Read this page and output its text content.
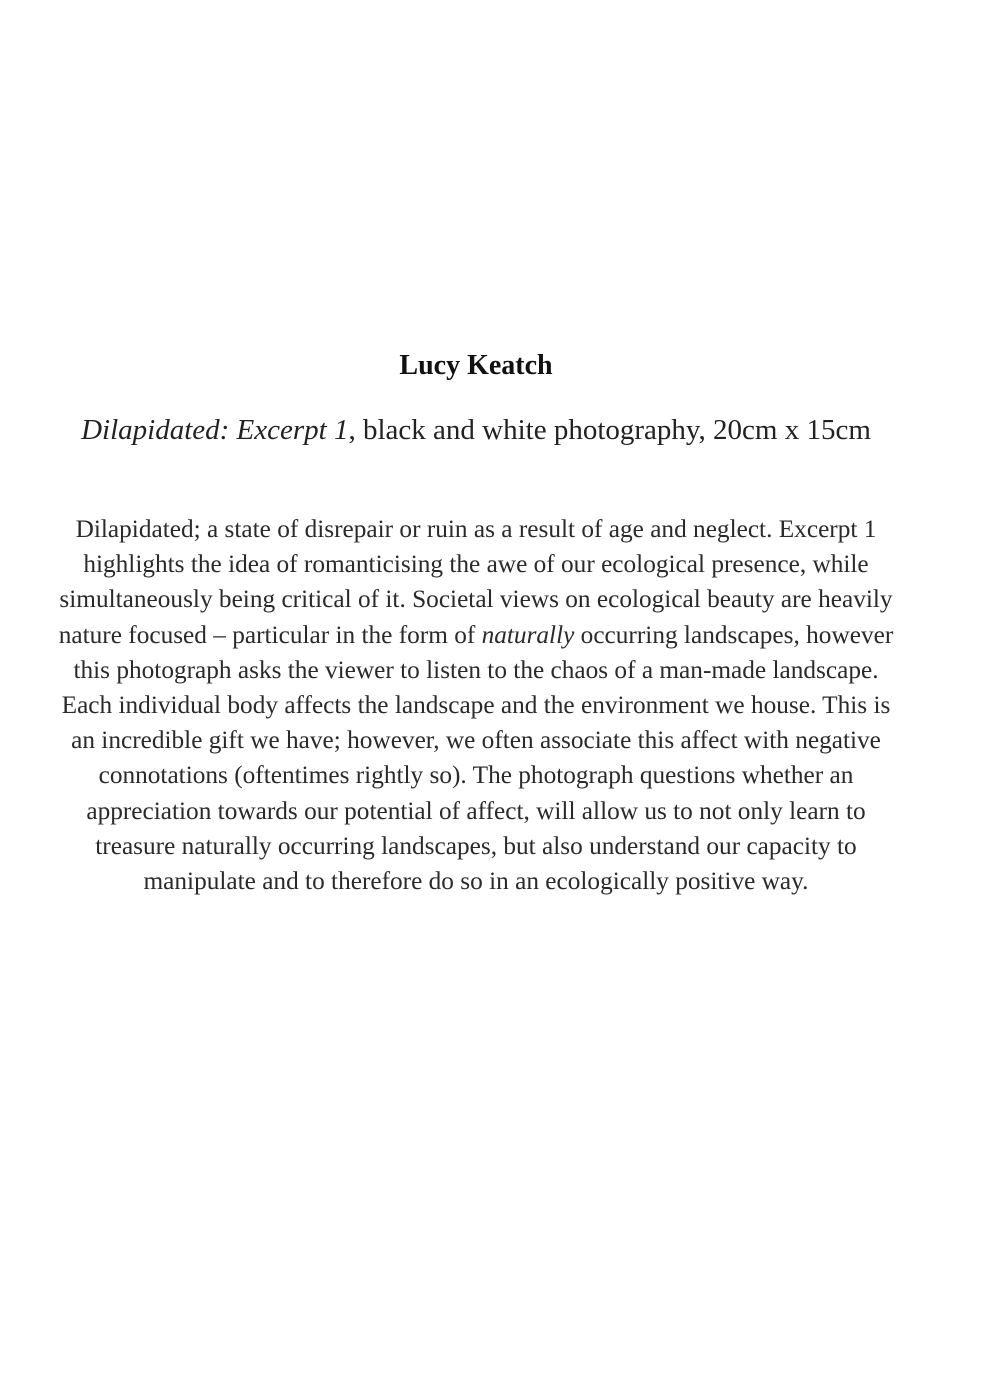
Lucy Keatch

Dilapidated: Excerpt 1, black and white photography, 20cm x 15cm

Dilapidated; a state of disrepair or ruin as a result of age and neglect. Excerpt 1 highlights the idea of romanticising the awe of our ecological presence, while simultaneously being critical of it. Societal views on ecological beauty are heavily nature focused – particular in the form of naturally occurring landscapes, however this photograph asks the viewer to listen to the chaos of a man-made landscape. Each individual body affects the landscape and the environment we house. This is an incredible gift we have; however, we often associate this affect with negative connotations (oftentimes rightly so). The photograph questions whether an appreciation towards our potential of affect, will allow us to not only learn to treasure naturally occurring landscapes, but also understand our capacity to manipulate and to therefore do so in an ecologically positive way.
